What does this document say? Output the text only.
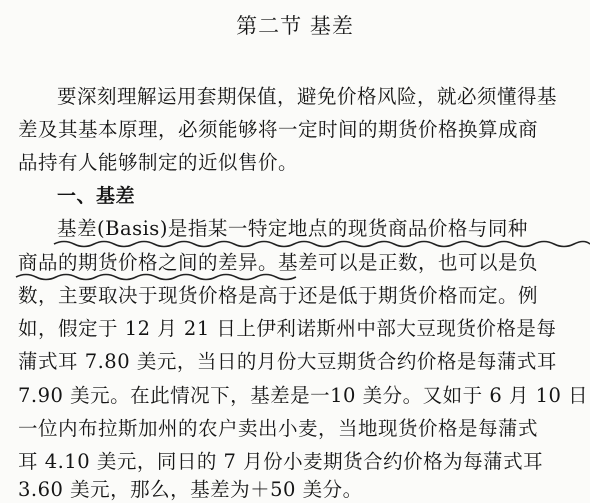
第二节 基差
要深刻理解运用套期保值，避免价格风险，就必须懂得基
差及其基本原理，必须能够将一定时间的期货价格换算成商
品持有人能够制定的近似售价。
一、基差
基差(Basis)是指某一特定地点的现货商品价格与同种
商品的期货价格之间的差异。基差可以是正数，也可以是负
数，主要取决于现货价格是高于还是低于期货价格而定。例
如，假定于 12 月 21 日上伊利诺斯州中部大豆现货价格是每
蒲式耳 7.80 美元，当日的月份大豆期货合约价格是每蒲式耳
7.90 美元。在此情况下，基差是一10 美分。又如于 6 月 10 日
一位内布拉斯加州的农户卖出小麦，当地现货价格是每蒲式
耳 4.10 美元，同日的 7 月份小麦期货合约价格为每蒲式耳
3.60 美元，那么，基差为＋50 美分。
